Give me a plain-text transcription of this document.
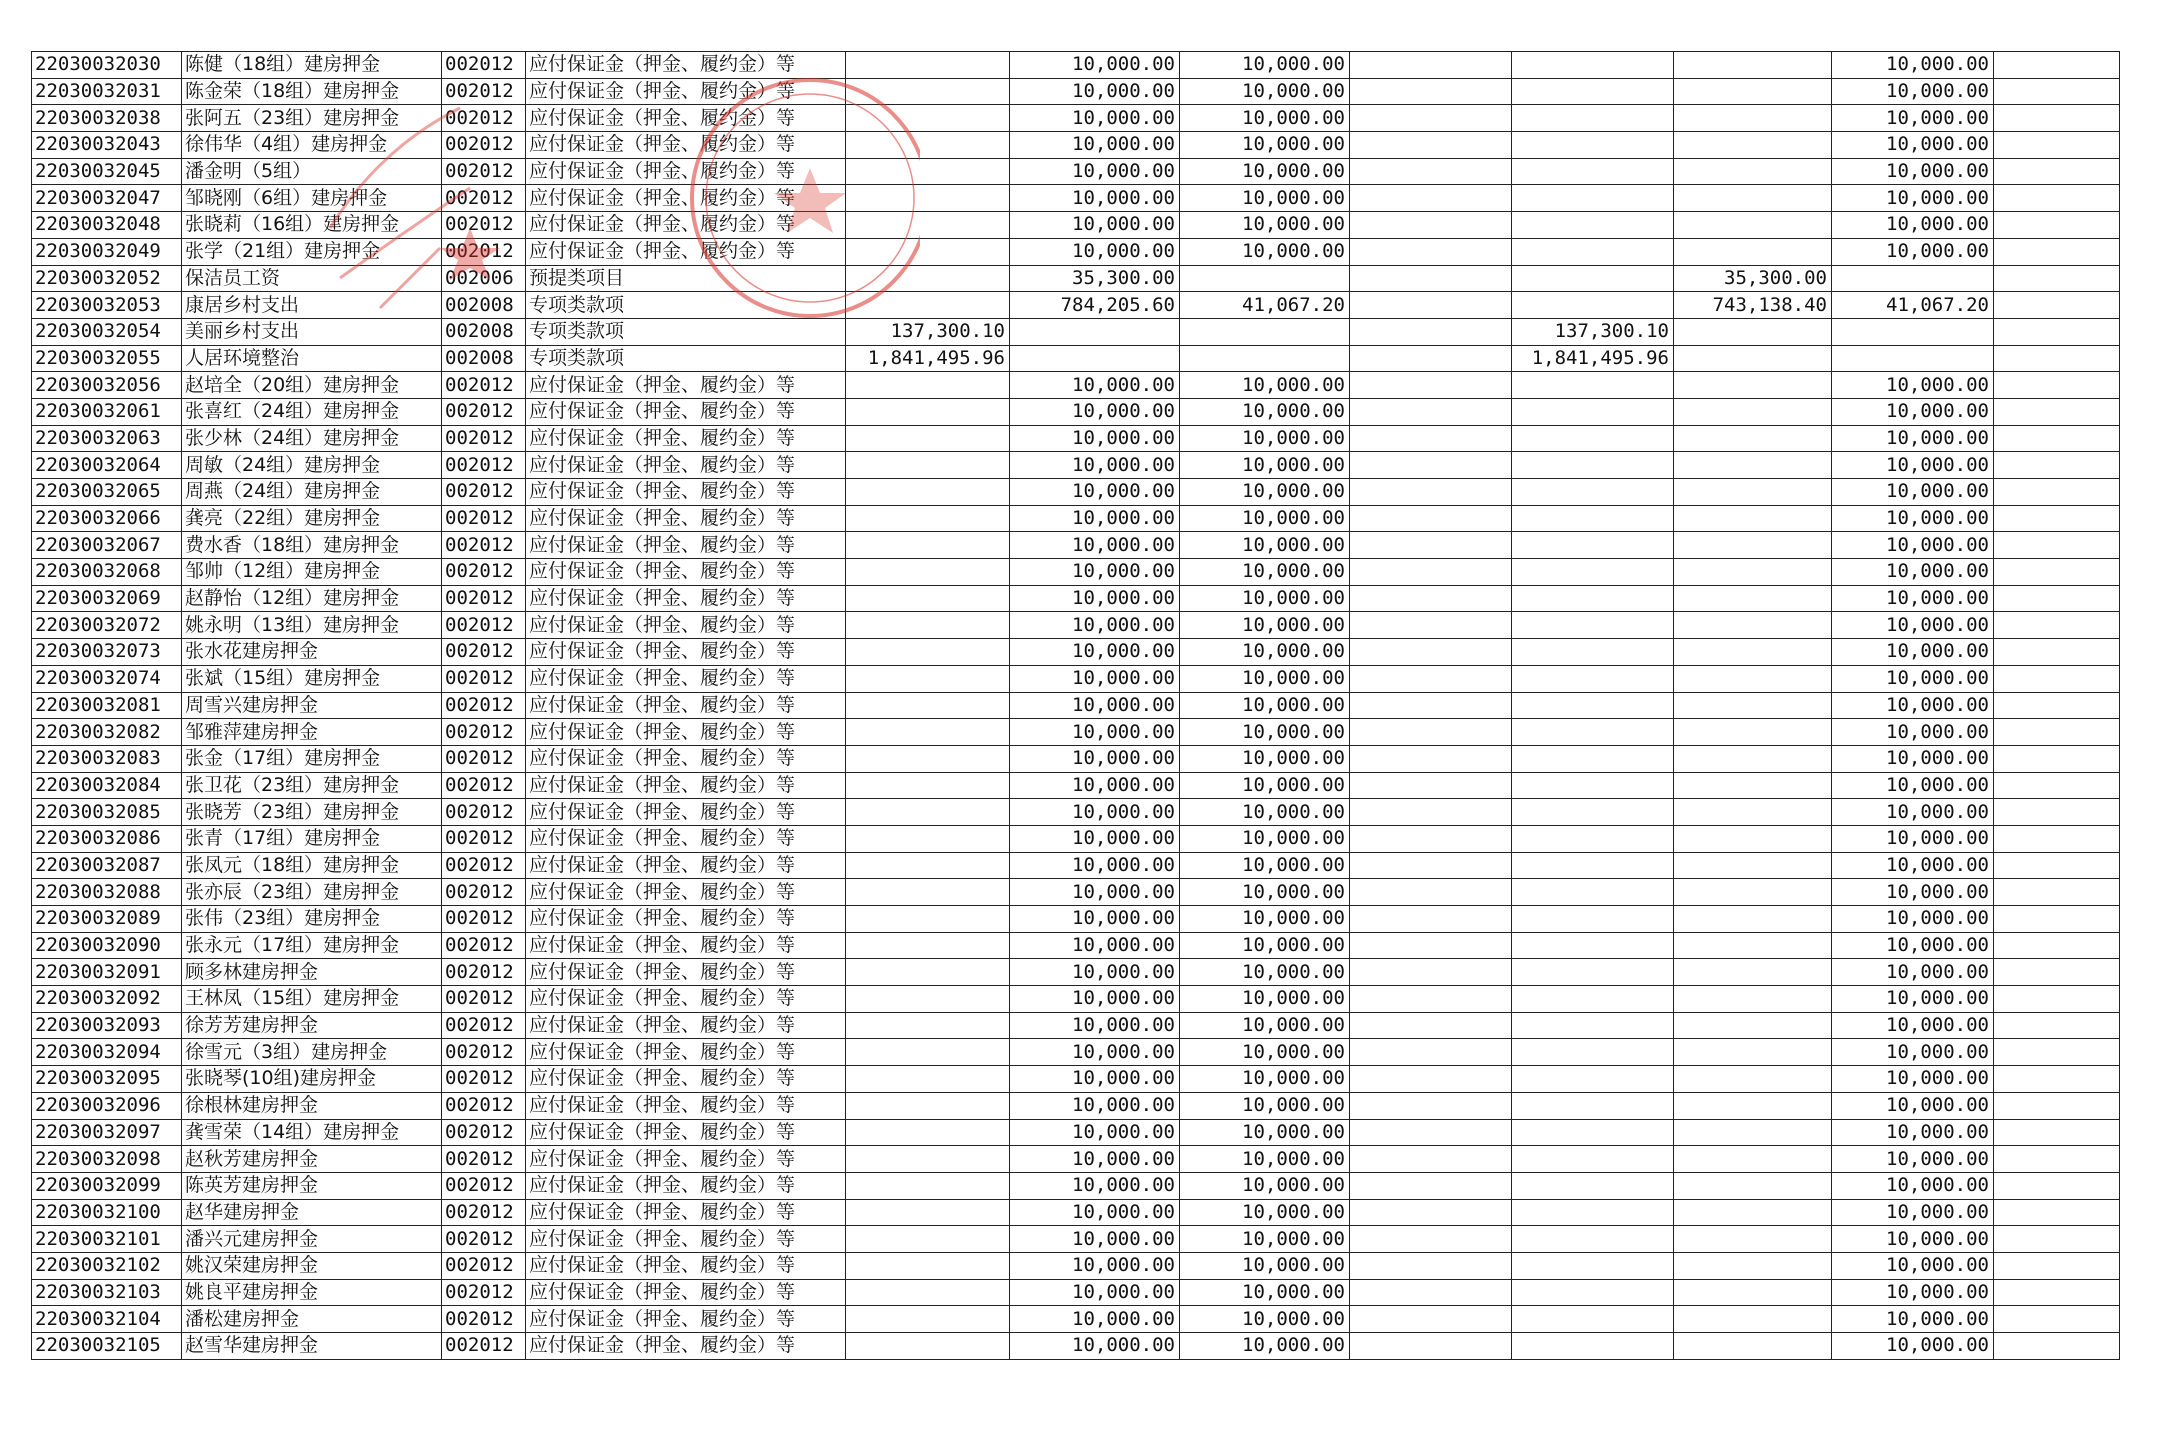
22030032030	陈健（18组）建房押金	002012	应付保证金（押金、履约金）等		10,000.00	10,000.00				10,000.00	
22030032031	陈金荣（18组）建房押金	002012	应付保证金（押金、履约金）等		10,000.00	10,000.00				10,000.00	
22030032038	张阿五（23组）建房押金	002012	应付保证金（押金、履约金）等		10,000.00	10,000.00				10,000.00	
22030032043	徐伟华（4组）建房押金	002012	应付保证金（押金、履约金）等		10,000.00	10,000.00				10,000.00	
22030032045	潘金明（5组）	002012	应付保证金（押金、履约金）等		10,000.00	10,000.00				10,000.00	
22030032047	邹晓刚（6组）建房押金	002012	应付保证金（押金、履约金）等		10,000.00	10,000.00				10,000.00	
22030032048	张晓莉（16组）建房押金	002012	应付保证金（押金、履约金）等		10,000.00	10,000.00				10,000.00	
22030032049	张学（21组）建房押金	002012	应付保证金（押金、履约金）等		10,000.00	10,000.00				10,000.00	
22030032052	保洁员工资	002006	预提类项目		35,300.00				35,300.00		
22030032053	康居乡村支出	002008	专项类款项		784,205.60	41,067.20			743,138.40	41,067.20	
22030032054	美丽乡村支出	002008	专项类款项	137,300.10				137,300.10			
22030032055	人居环境整治	002008	专项类款项	1,841,495.96				1,841,495.96			
22030032056	赵培全（20组）建房押金	002012	应付保证金（押金、履约金）等		10,000.00	10,000.00				10,000.00	
22030032061	张喜红（24组）建房押金	002012	应付保证金（押金、履约金）等		10,000.00	10,000.00				10,000.00	
22030032063	张少林（24组）建房押金	002012	应付保证金（押金、履约金）等		10,000.00	10,000.00				10,000.00	
22030032064	周敏（24组）建房押金	002012	应付保证金（押金、履约金）等		10,000.00	10,000.00				10,000.00	
22030032065	周燕（24组）建房押金	002012	应付保证金（押金、履约金）等		10,000.00	10,000.00				10,000.00	
22030032066	龚亮（22组）建房押金	002012	应付保证金（押金、履约金）等		10,000.00	10,000.00				10,000.00	
22030032067	费水香（18组）建房押金	002012	应付保证金（押金、履约金）等		10,000.00	10,000.00				10,000.00	
22030032068	邹帅（12组）建房押金	002012	应付保证金（押金、履约金）等		10,000.00	10,000.00				10,000.00	
22030032069	赵静怡（12组）建房押金	002012	应付保证金（押金、履约金）等		10,000.00	10,000.00				10,000.00	
22030032072	姚永明（13组）建房押金	002012	应付保证金（押金、履约金）等		10,000.00	10,000.00				10,000.00	
22030032073	张水花建房押金	002012	应付保证金（押金、履约金）等		10,000.00	10,000.00				10,000.00	
22030032074	张斌（15组）建房押金	002012	应付保证金（押金、履约金）等		10,000.00	10,000.00				10,000.00	
22030032081	周雪兴建房押金	002012	应付保证金（押金、履约金）等		10,000.00	10,000.00				10,000.00	
22030032082	邹雅萍建房押金	002012	应付保证金（押金、履约金）等		10,000.00	10,000.00				10,000.00	
22030032083	张金（17组）建房押金	002012	应付保证金（押金、履约金）等		10,000.00	10,000.00				10,000.00	
22030032084	张卫花（23组）建房押金	002012	应付保证金（押金、履约金）等		10,000.00	10,000.00				10,000.00	
22030032085	张晓芳（23组）建房押金	002012	应付保证金（押金、履约金）等		10,000.00	10,000.00				10,000.00	
22030032086	张青（17组）建房押金	002012	应付保证金（押金、履约金）等		10,000.00	10,000.00				10,000.00	
22030032087	张凤元（18组）建房押金	002012	应付保证金（押金、履约金）等		10,000.00	10,000.00				10,000.00	
22030032088	张亦辰（23组）建房押金	002012	应付保证金（押金、履约金）等		10,000.00	10,000.00				10,000.00	
22030032089	张伟（23组）建房押金	002012	应付保证金（押金、履约金）等		10,000.00	10,000.00				10,000.00	
22030032090	张永元（17组）建房押金	002012	应付保证金（押金、履约金）等		10,000.00	10,000.00				10,000.00	
22030032091	顾多林建房押金	002012	应付保证金（押金、履约金）等		10,000.00	10,000.00				10,000.00	
22030032092	王林凤（15组）建房押金	002012	应付保证金（押金、履约金）等		10,000.00	10,000.00				10,000.00	
22030032093	徐芳芳建房押金	002012	应付保证金（押金、履约金）等		10,000.00	10,000.00				10,000.00	
22030032094	徐雪元（3组）建房押金	002012	应付保证金（押金、履约金）等		10,000.00	10,000.00				10,000.00	
22030032095	张晓琴(10组)建房押金	002012	应付保证金（押金、履约金）等		10,000.00	10,000.00				10,000.00	
22030032096	徐根林建房押金	002012	应付保证金（押金、履约金）等		10,000.00	10,000.00				10,000.00	
22030032097	龚雪荣（14组）建房押金	002012	应付保证金（押金、履约金）等		10,000.00	10,000.00				10,000.00	
22030032098	赵秋芳建房押金	002012	应付保证金（押金、履约金）等		10,000.00	10,000.00				10,000.00	
22030032099	陈英芳建房押金	002012	应付保证金（押金、履约金）等		10,000.00	10,000.00				10,000.00	
22030032100	赵华建房押金	002012	应付保证金（押金、履约金）等		10,000.00	10,000.00				10,000.00	
22030032101	潘兴元建房押金	002012	应付保证金（押金、履约金）等		10,000.00	10,000.00				10,000.00	
22030032102	姚汉荣建房押金	002012	应付保证金（押金、履约金）等		10,000.00	10,000.00				10,000.00	
22030032103	姚良平建房押金	002012	应付保证金（押金、履约金）等		10,000.00	10,000.00				10,000.00	
22030032104	潘松建房押金	002012	应付保证金（押金、履约金）等		10,000.00	10,000.00				10,000.00	
22030032105	赵雪华建房押金	002012	应付保证金（押金、履约金）等		10,000.00	10,000.00				10,000.00	
